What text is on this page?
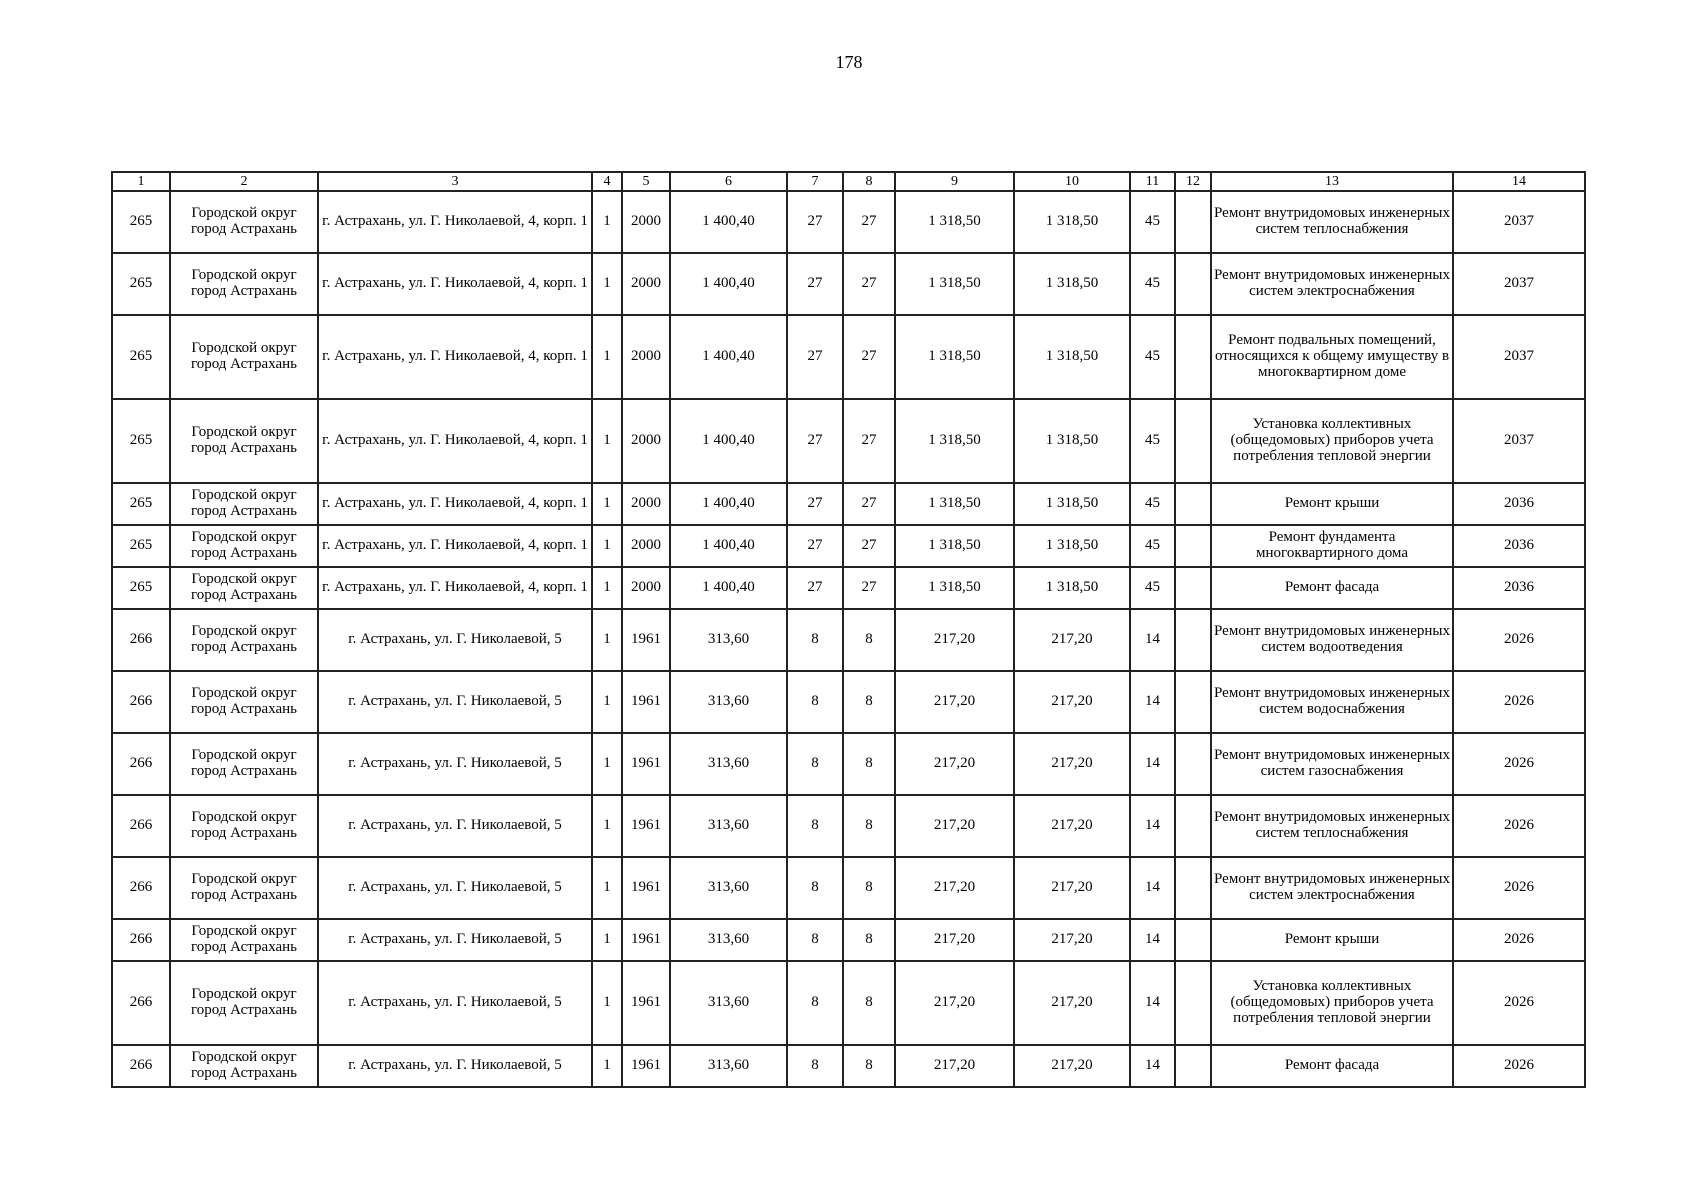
178
1	2	3	4	5	6	7	8	9	10	11	12	13	14
265	Городской округ город Астрахань	г. Астрахань, ул. Г. Николаевой, 4, корп. 1	1	2000	1 400,40	27	27	1 318,50	1 318,50	45		Ремонт внутридомовых инженерных систем теплоснабжения	2037
265	Городской округ город Астрахань	г. Астрахань, ул. Г. Николаевой, 4, корп. 1	1	2000	1 400,40	27	27	1 318,50	1 318,50	45		Ремонт внутридомовых инженерных систем электроснабжения	2037
265	Городской округ город Астрахань	г. Астрахань, ул. Г. Николаевой, 4, корп. 1	1	2000	1 400,40	27	27	1 318,50	1 318,50	45		Ремонт подвальных помещений, относящихся к общему имуществу в многоквартирном доме	2037
265	Городской округ город Астрахань	г. Астрахань, ул. Г. Николаевой, 4, корп. 1	1	2000	1 400,40	27	27	1 318,50	1 318,50	45		Установка коллективных (общедомовых) приборов учета потребления тепловой энергии	2037
265	Городской округ город Астрахань	г. Астрахань, ул. Г. Николаевой, 4, корп. 1	1	2000	1 400,40	27	27	1 318,50	1 318,50	45		Ремонт крыши	2036
265	Городской округ город Астрахань	г. Астрахань, ул. Г. Николаевой, 4, корп. 1	1	2000	1 400,40	27	27	1 318,50	1 318,50	45		Ремонт фундамента многоквартирного дома	2036
265	Городской округ город Астрахань	г. Астрахань, ул. Г. Николаевой, 4, корп. 1	1	2000	1 400,40	27	27	1 318,50	1 318,50	45		Ремонт фасада	2036
266	Городской округ город Астрахань	г. Астрахань, ул. Г. Николаевой, 5	1	1961	313,60	8	8	217,20	217,20	14		Ремонт внутридомовых инженерных систем водоотведения	2026
266	Городской округ город Астрахань	г. Астрахань, ул. Г. Николаевой, 5	1	1961	313,60	8	8	217,20	217,20	14		Ремонт внутридомовых инженерных систем водоснабжения	2026
266	Городской округ город Астрахань	г. Астрахань, ул. Г. Николаевой, 5	1	1961	313,60	8	8	217,20	217,20	14		Ремонт внутридомовых инженерных систем газоснабжения	2026
266	Городской округ город Астрахань	г. Астрахань, ул. Г. Николаевой, 5	1	1961	313,60	8	8	217,20	217,20	14		Ремонт внутридомовых инженерных систем теплоснабжения	2026
266	Городской округ город Астрахань	г. Астрахань, ул. Г. Николаевой, 5	1	1961	313,60	8	8	217,20	217,20	14		Ремонт внутридомовых инженерных систем электроснабжения	2026
266	Городской округ город Астрахань	г. Астрахань, ул. Г. Николаевой, 5	1	1961	313,60	8	8	217,20	217,20	14		Ремонт крыши	2026
266	Городской округ город Астрахань	г. Астрахань, ул. Г. Николаевой, 5	1	1961	313,60	8	8	217,20	217,20	14		Установка коллективных (общедомовых) приборов учета потребления тепловой энергии	2026
266	Городской округ город Астрахань	г. Астрахань, ул. Г. Николаевой, 5	1	1961	313,60	8	8	217,20	217,20	14		Ремонт фасада	2026
